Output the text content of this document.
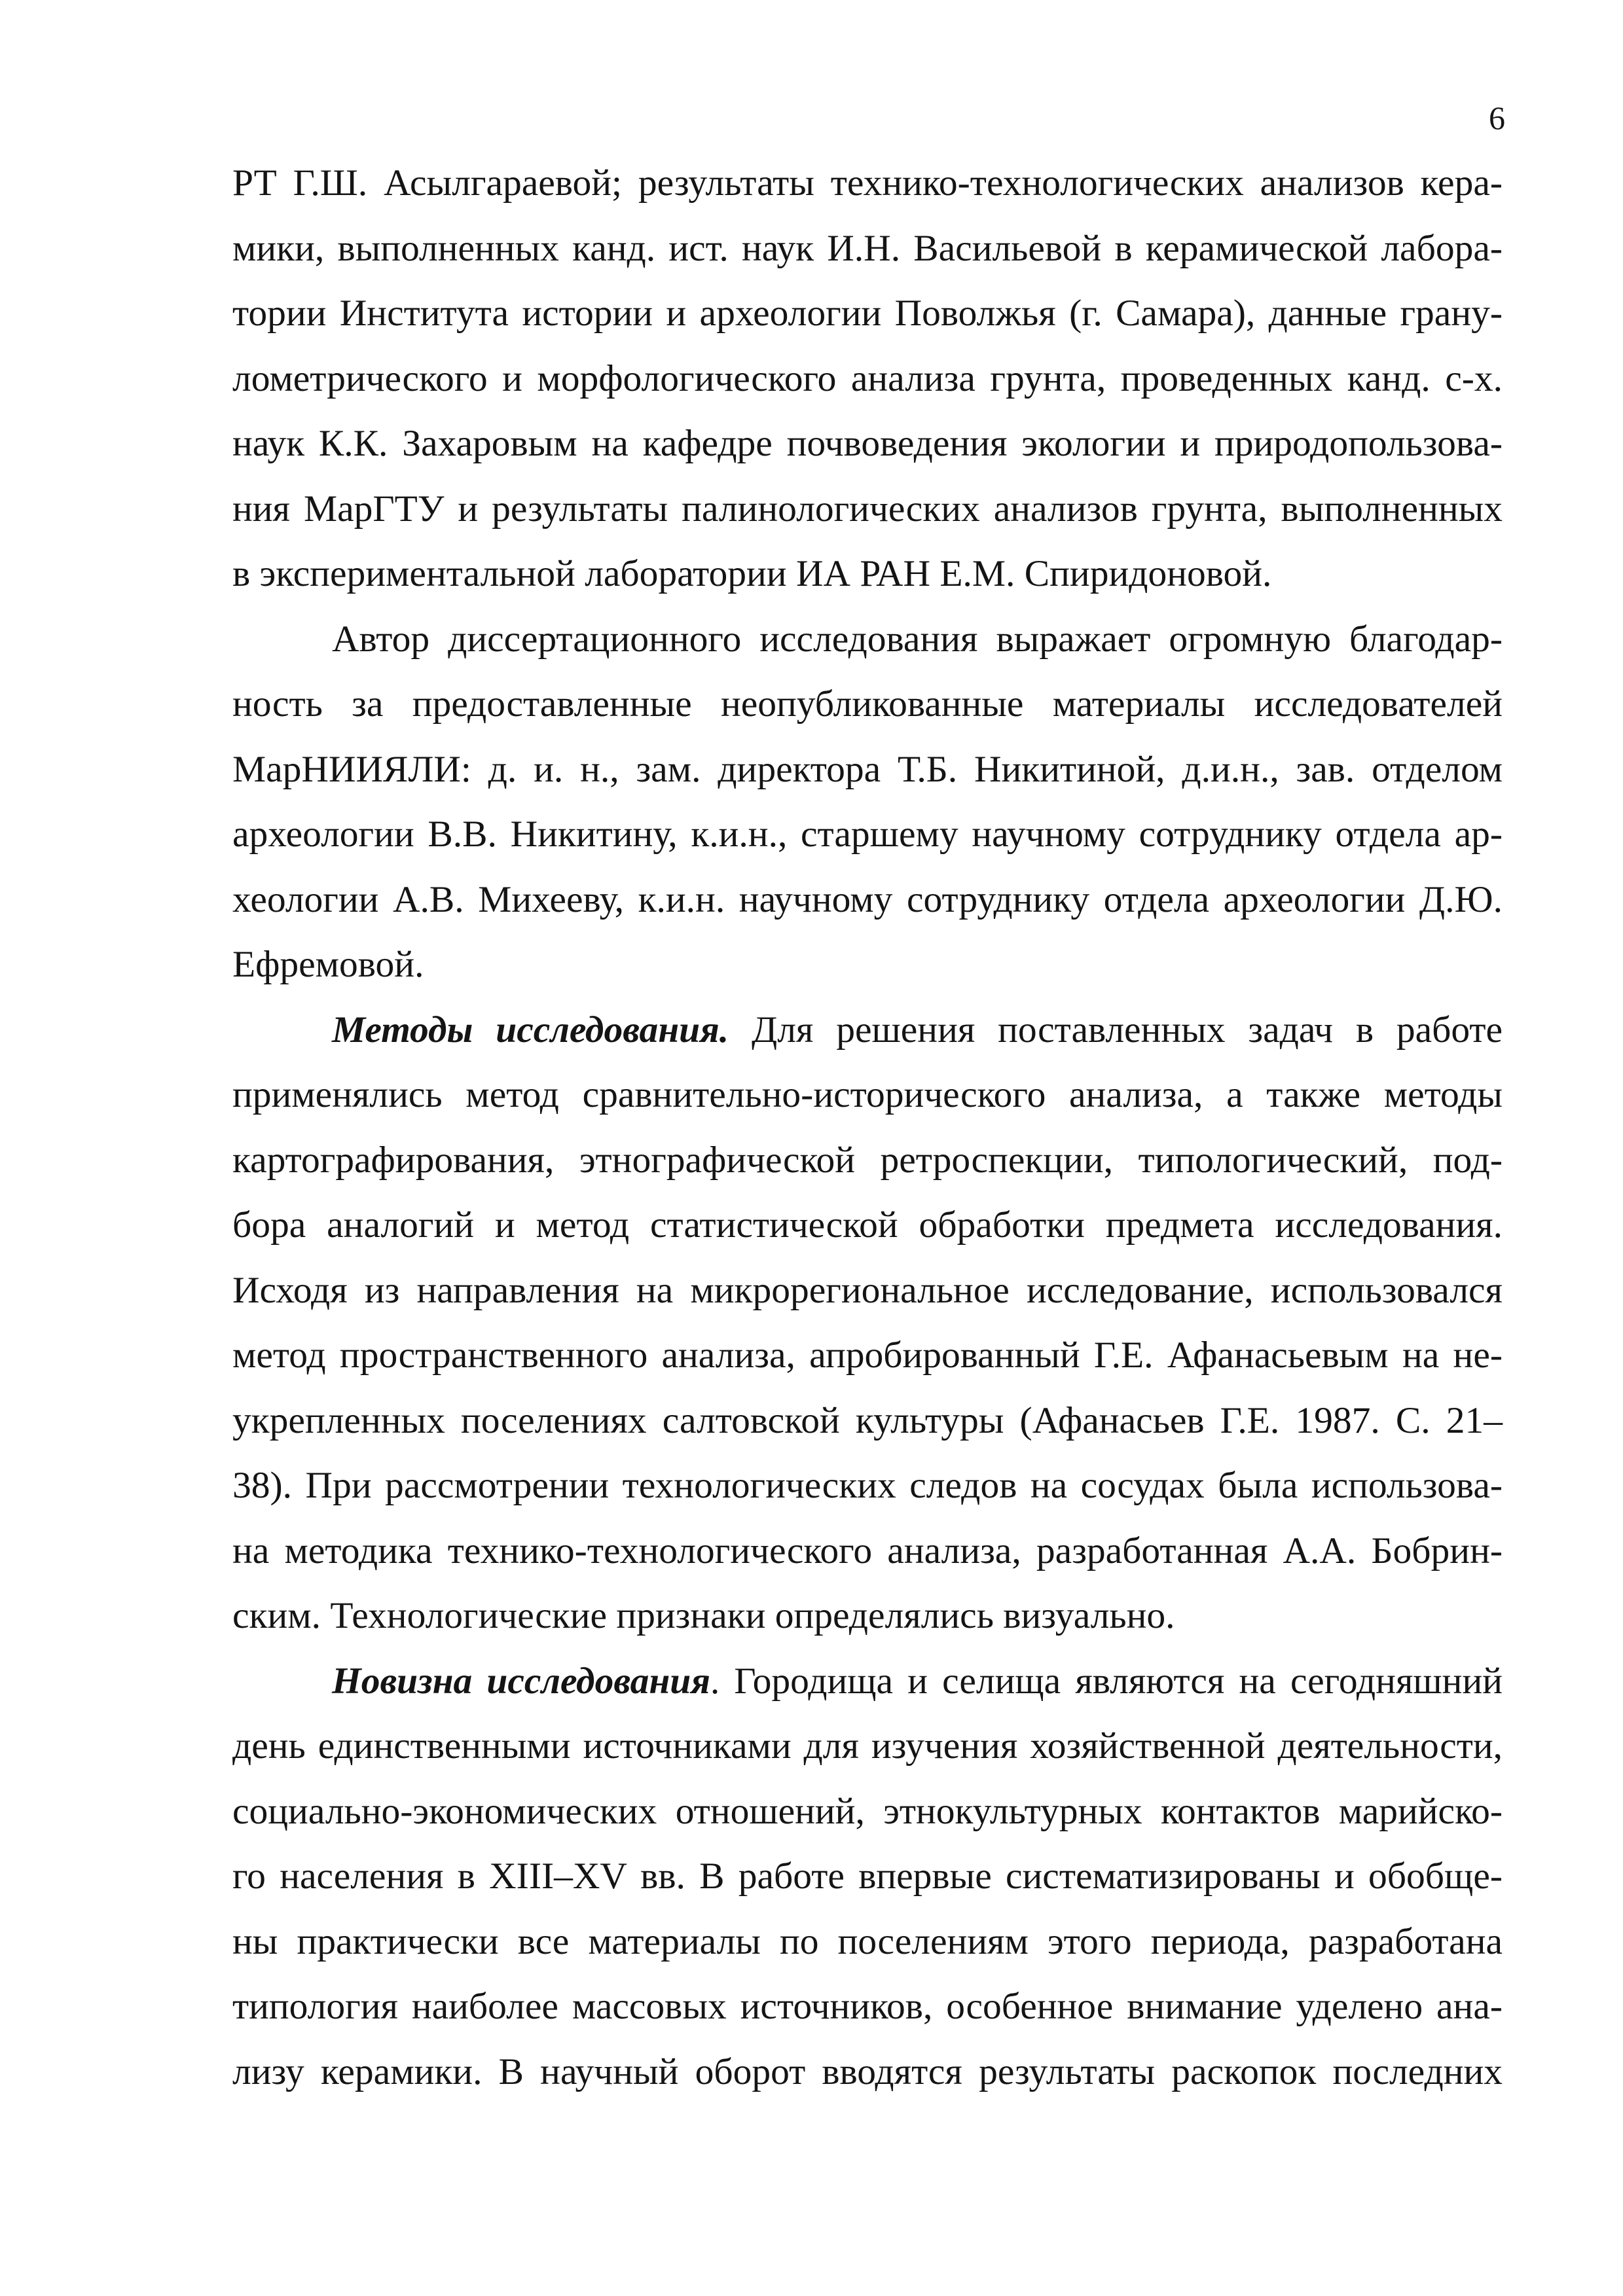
6
РТ Г.Ш. Асылгараевой; результаты технико-технологических анализов кера-
мики, выполненных канд. ист. наук И.Н. Васильевой в керамической лабора-
тории Института истории и археологии Поволжья (г. Самара), данные грану-
лометрического и морфологического анализа грунта, проведенных канд. с-х.
наук К.К. Захаровым на кафедре почвоведения экологии и природопользова-
ния МарГТУ и результаты палинологических анализов грунта, выполненных
в экспериментальной лаборатории ИА РАН Е.М. Спиридоновой.
Автор диссертационного исследования выражает огромную благодар-
ность за предоставленные неопубликованные материалы исследователей
МарНИИЯЛИ: д. и. н., зам. директора Т.Б. Никитиной, д.и.н., зав. отделом
археологии В.В. Никитину, к.и.н., старшему научному сотруднику отдела ар-
хеологии А.В. Михееву, к.и.н. научному сотруднику отдела археологии Д.Ю.
Ефремовой.
Методы исследования. Для решения поставленных задач в работе
применялись метод сравнительно-исторического анализа, а также методы
картографирования, этнографической ретроспекции, типологический, под-
бора аналогий и метод статистической обработки предмета исследования.
Исходя из направления на микрорегиональное исследование, использовался
метод пространственного анализа, апробированный Г.Е. Афанасьевым на не-
укрепленных поселениях салтовской культуры (Афанасьев Г.Е. 1987. С. 21–
38). При рассмотрении технологических следов на сосудах была использова-
на методика технико-технологического анализа, разработанная А.А. Бобрин-
ским. Технологические признаки определялись визуально.
Новизна исследования. Городища и селища являются на сегодняшний
день единственными источниками для изучения хозяйственной деятельности,
социально-экономических отношений, этнокультурных контактов марийско-
го населения в XIII–XV вв. В работе впервые систематизированы и обобще-
ны практически все материалы по поселениям этого периода, разработана
типология наиболее массовых источников, особенное внимание уделено ана-
лизу керамики. В научный оборот вводятся результаты раскопок последних
